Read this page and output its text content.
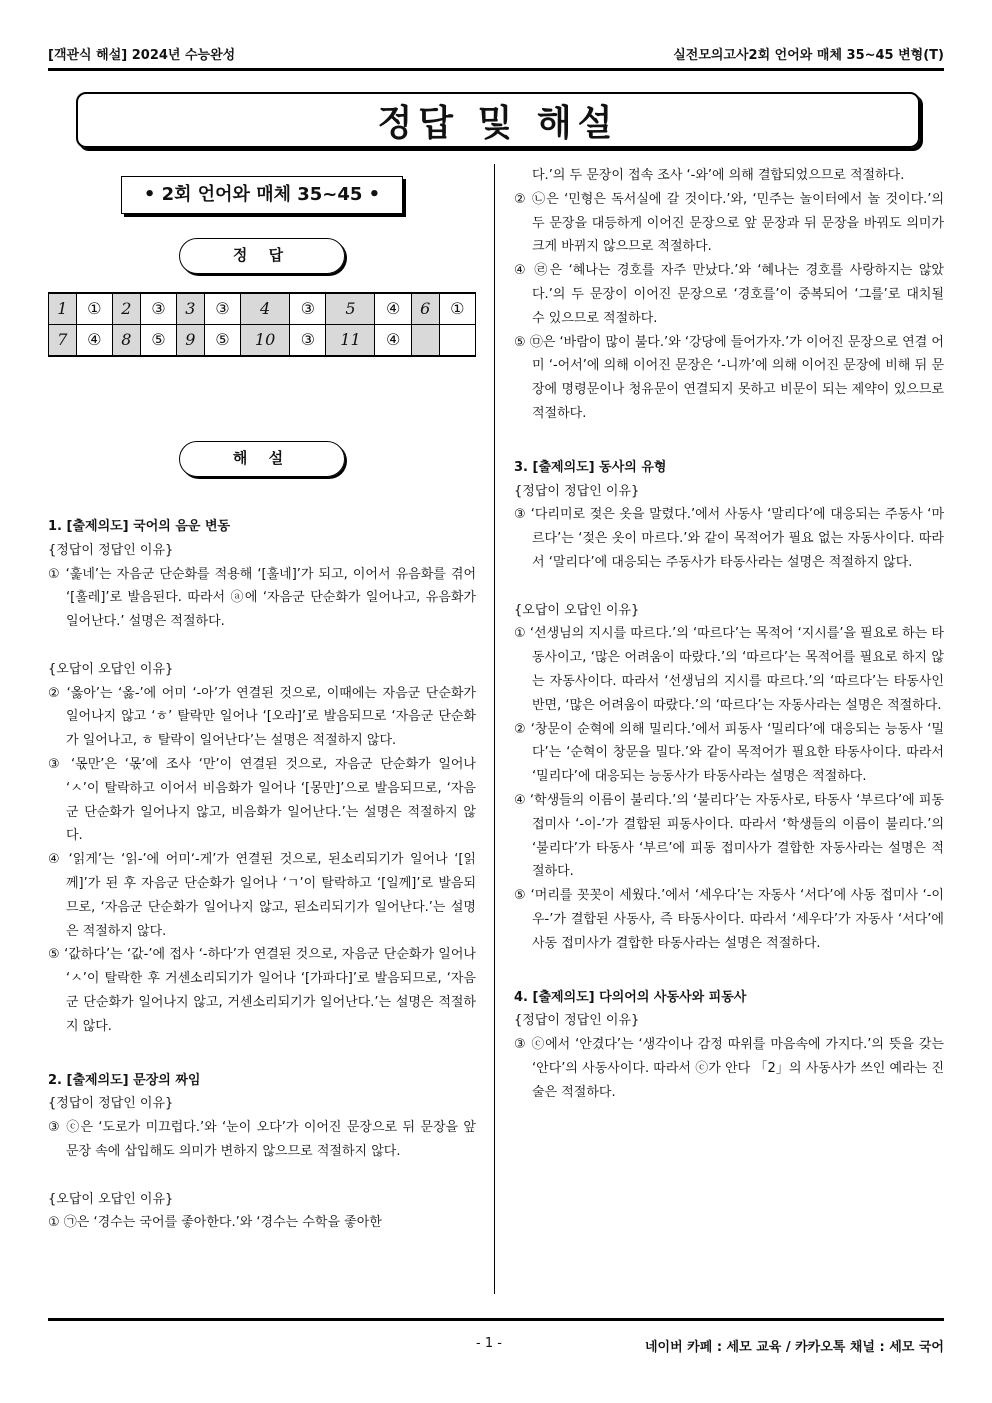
[객관식 해설] 2024년 수능완성	실전모의고사2회 언어와 매체 35~45 변형(T)
정답 및 해설
• 2회 언어와 매체 35~45 •
정 답
1	①	2	③	3	③	4	③	5	④	6	①
7	④	8	⑤	9	⑤	10	③	11	④		
해 설

1. [출제의도] 국어의 음운 변동

{정답이 정답인 이유}

① ‘훑네’는 자음군 단순화를 적용해 ‘[훌네]’가 되고, 이어서 유음화를 겪어 ‘[훌레]’로 발음된다. 따라서 ⓐ에 ‘자음군 단순화가 일어나고, 유음화가 일어난다.’ 설명은 적절하다.

{오답이 오답인 이유}

② ‘옳아’는 ‘옳-’에 어미 ‘-아’가 연결된 것으로, 이때에는 자음군 단순화가 일어나지 않고 ‘ㅎ’ 탈락만 일어나 ‘[오라]’로 발음되므로 ‘자음군 단순화가 일어나고, ㅎ 탈락이 일어난다’는 설명은 적절하지 않다.

③ ‘몫만’은 ‘몫’에 조사 ‘만’이 연결된 것으로, 자음군 단순화가 일어나 ‘ㅅ’이 탈락하고 이어서 비음화가 일어나 ‘[몽만]’으로 발음되므로, ‘자음군 단순화가 일어나지 않고, 비음화가 일어난다.’는 설명은 적절하지 않다.

④ ‘읽게’는 ‘읽-’에 어미‘-게’가 연결된 것으로, 된소리되기가 일어나 ‘[읽께]’가 된 후 자음군 단순화가 일어나 ‘ㄱ’이 탈락하고 ‘[일께]’로 발음되므로, ‘자음군 단순화가 일어나지 않고, 된소리되기가 일어난다.’는 설명은 적절하지 않다.

⑤ ‘값하다’는 ‘값-’에 접사 ‘-하다’가 연결된 것으로, 자음군 단순화가 일어나 ‘ㅅ’이 탈락한 후 거센소리되기가 일어나 ‘[가파다]’로 발음되므로, ‘자음군 단순화가 일어나지 않고, 거센소리되기가 일어난다.’는 설명은 적절하지 않다.

2. [출제의도] 문장의 짜임

{정답이 정답인 이유}

③ ⓒ은 ‘도로가 미끄럽다.’와 ‘눈이 오다’가 이어진 문장으로 뒤 문장을 앞 문장 속에 삽입해도 의미가 변하지 않으므로 적절하지 않다.

{오답이 오답인 이유}

① ㉠은 ‘경수는 국어를 좋아한다.’와 ‘경수는 수학을 좋아한

다.’의 두 문장이 접속 조사 ‘-와’에 의해 결합되었으므로 적절하다.

② ㉡은 ‘민형은 독서실에 갈 것이다.’와, ‘민주는 놀이터에서 놀 것이다.’의 두 문장을 대등하게 이어진 문장으로 앞 문장과 뒤 문장을 바꿔도 의미가 크게 바뀌지 않으므로 적절하다.

④ ㉣은 ‘혜나는 경호를 자주 만났다.’와 ‘혜나는 경호를 사랑하지는 않았다.’의 두 문장이 이어진 문장으로 ‘경호를’이 중복되어 ‘그를’로 대치될 수 있으므로 적절하다.

⑤ ㉤은 ‘바람이 많이 불다.’와 ‘강당에 들어가자.’가 이어진 문장으로 연결 어미 ‘-어서’에 의해 이어진 문장은 ‘-니까’에 의해 이어진 문장에 비해 뒤 문장에 명령문이나 청유문이 연결되지 못하고 비문이 되는 제약이 있으므로 적절하다.

3. [출제의도] 동사의 유형

{정답이 정답인 이유}

③ ‘다리미로 젖은 옷을 말렸다.’에서 사동사 ‘말리다’에 대응되는 주동사 ‘마르다’는 ‘젖은 옷이 마르다.’와 같이 목적어가 필요 없는 자동사이다. 따라서 ‘말리다’에 대응되는 주동사가 타동사라는 설명은 적절하지 않다.

{오답이 오답인 이유}

① ‘선생님의 지시를 따르다.’의 ‘따르다’는 목적어 ‘지시를’을 필요로 하는 타동사이고, ‘많은 어려움이 따랐다.’의 ‘따르다’는 목적어를 필요로 하지 않는 자동사이다. 따라서 ‘선생님의 지시를 따르다.’의 ‘따르다’는 타동사인 반면, ‘많은 어려움이 따랐다.’의 ‘따르다’는 자동사라는 설명은 적절하다.

② ‘창문이 순혁에 의해 밀리다.’에서 피동사 ‘밀리다’에 대응되는 능동사 ‘밀다’는 ‘순혁이 창문을 밀다.’와 같이 목적어가 필요한 타동사이다. 따라서 ‘밀리다’에 대응되는 능동사가 타동사라는 설명은 적절하다.

④ ‘학생들의 이름이 불리다.’의 ‘불리다’는 자동사로, 타동사 ‘부르다’에 피동 접미사 ‘-이-’가 결합된 피동사이다. 따라서 ‘학생들의 이름이 불리다.’의 ‘불리다’가 타동사 ‘부르’에 피동 접미사가 결합한 자동사라는 설명은 적절하다.

⑤ ‘머리를 꼿꼿이 세웠다.’에서 ‘세우다’는 자동사 ‘서다’에 사동 접미사 ‘-이우-’가 결합된 사동사, 즉 타동사이다. 따라서 ‘세우다’가 자동사 ‘서다’에 사동 접미사가 결합한 타동사라는 설명은 적절하다.

4. [출제의도] 다의어의 사동사와 피동사

{정답이 정답인 이유}

③ ⓒ에서 ‘안겼다’는 ‘생각이나 감정 따위를 마음속에 가지다.’의 뜻을 갖는 ‘안다’의 사동사이다. 따라서 ⓒ가 안다 「2」의 사동사가 쓰인 예라는 진술은 적절하다.

- 1 -	네이버 카페 : 세모 교육 / 카카오톡 채널 : 세모 국어
